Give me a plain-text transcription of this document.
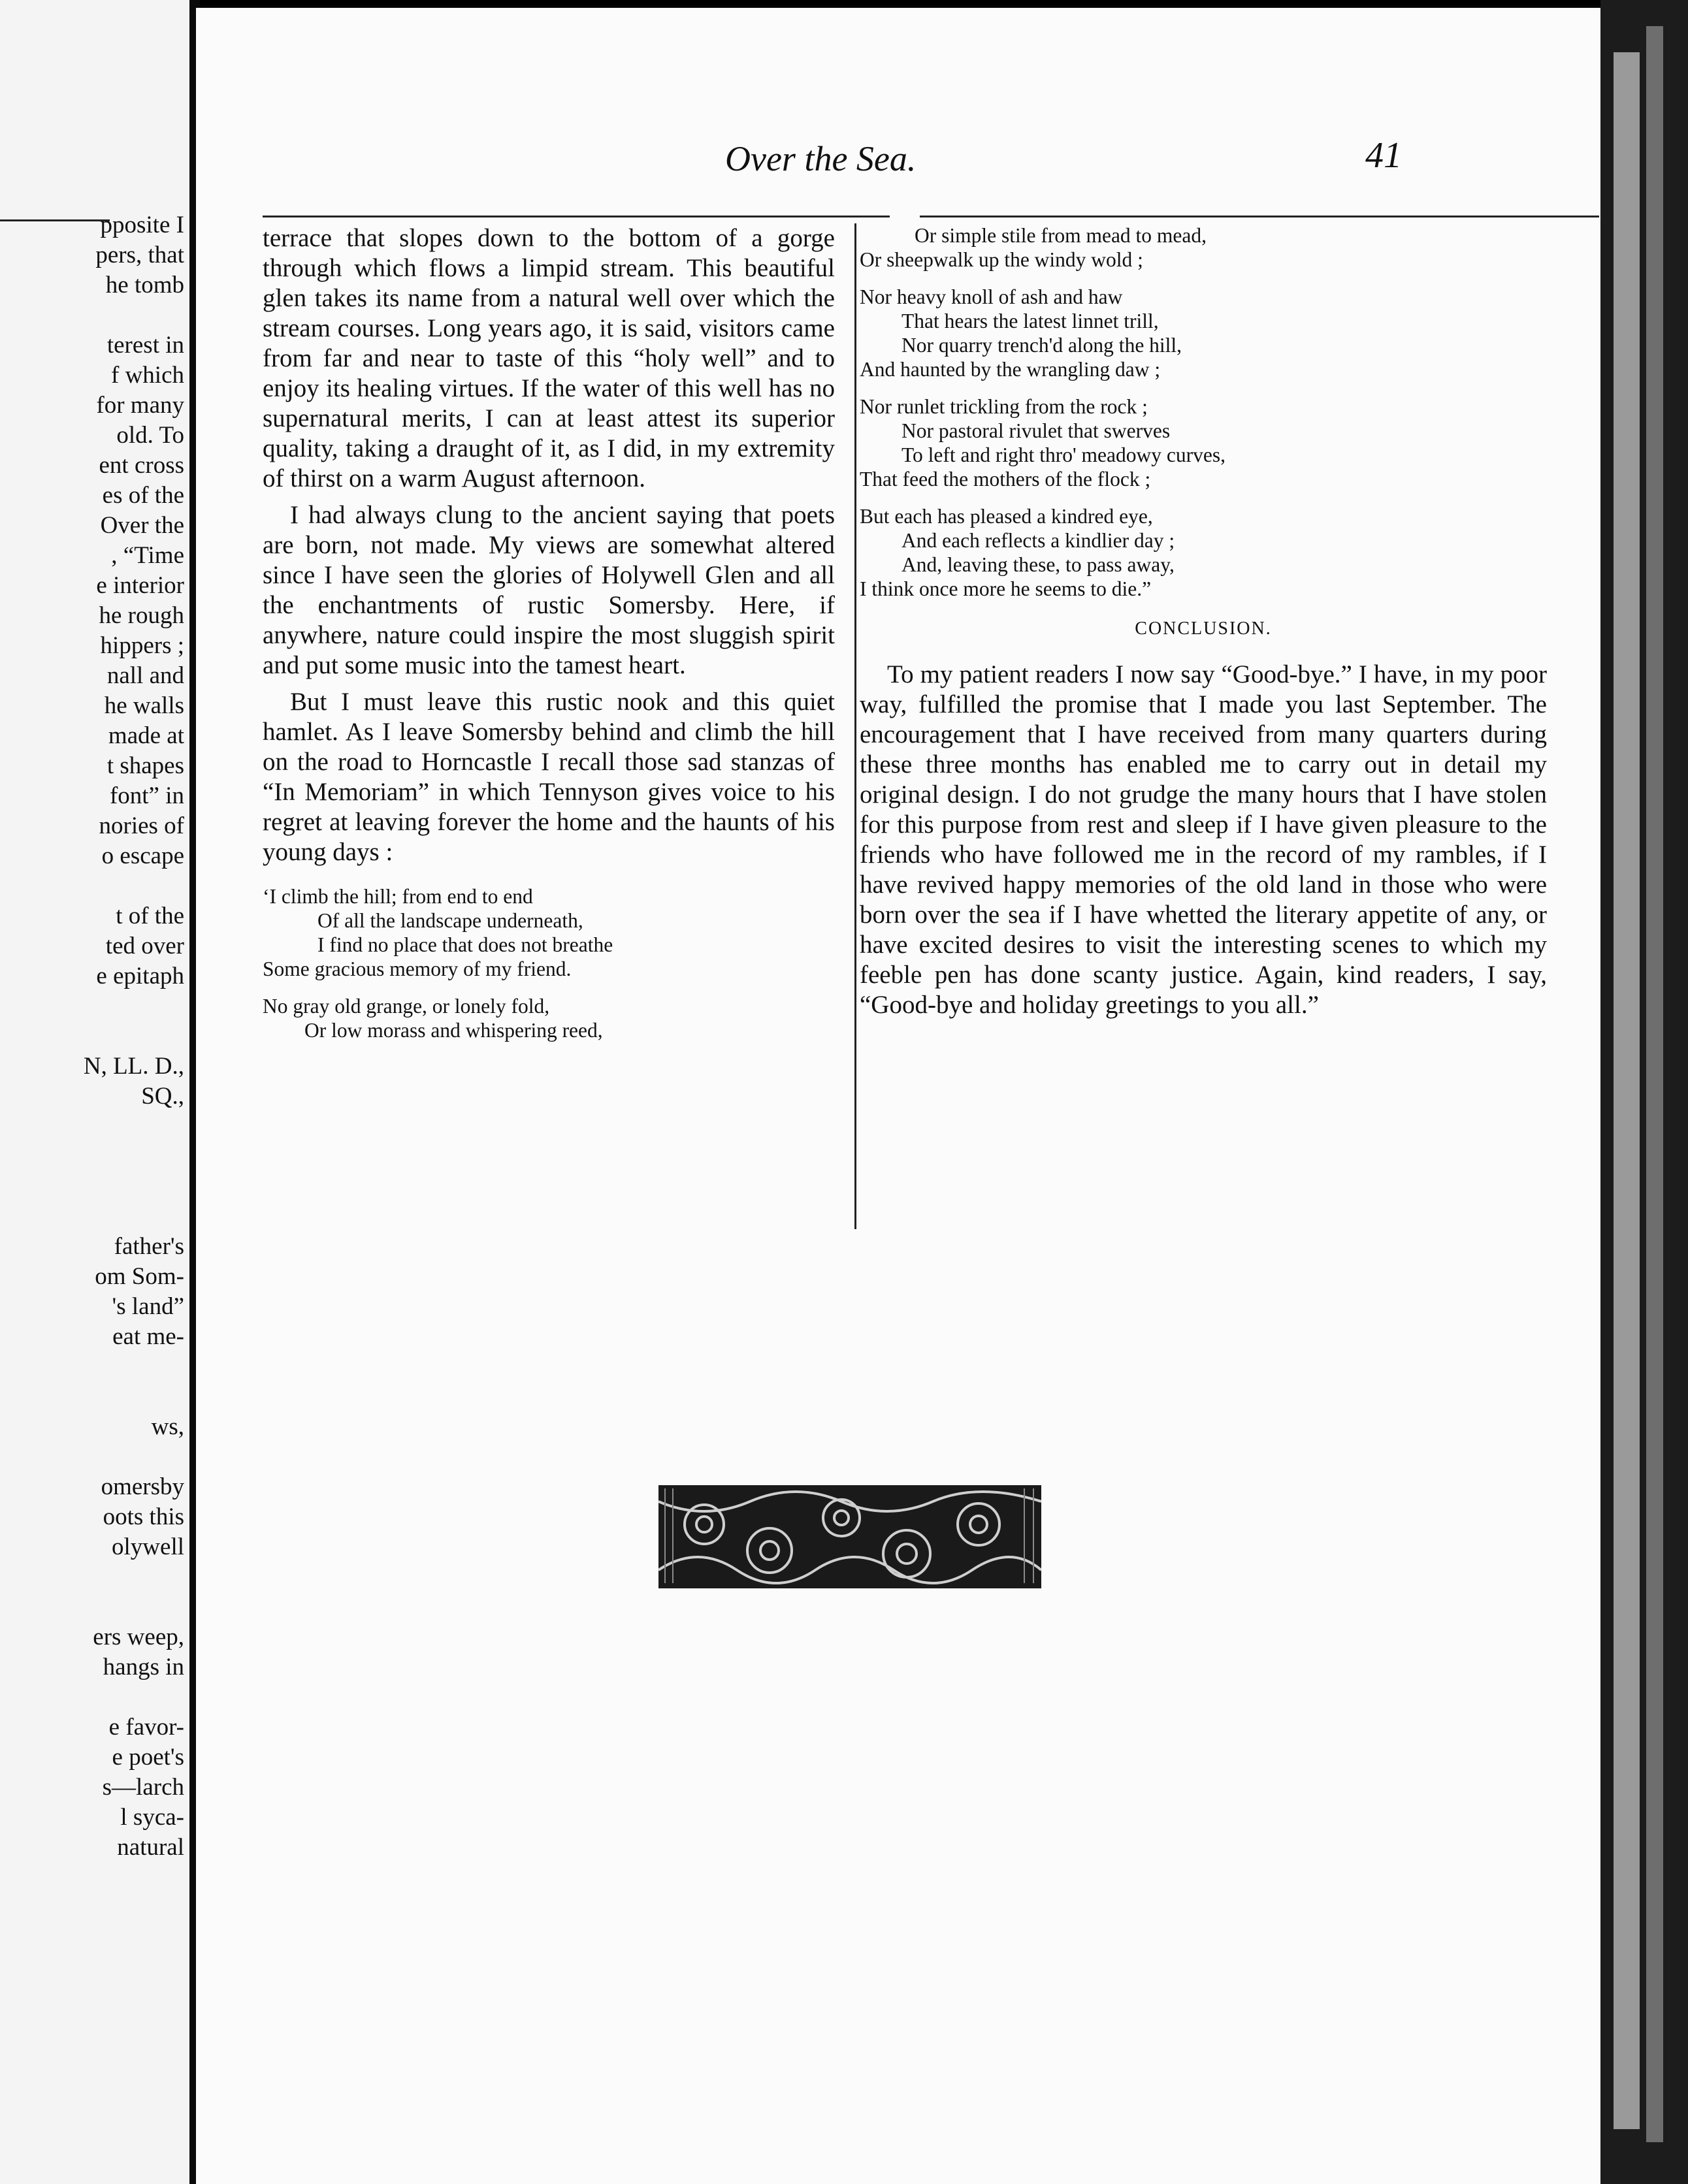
pposite I
pers, that
he tomb
terest in
f which
for many
old. To
ent cross
es of the
Over the
, “Time
e interior
he rough
hippers ;
nall and
he walls
made at
t shapes
font” in
nories of
o escape
t of the
ted over
e epitaph
N, LL. D.,
SQ.,
father's
om Som-
's land”
eat me-
ws,
omersby
oots this
olywell
ers weep,
hangs in
e favor-
e poet's
s—larch
l syca-
natural
Over the Sea.	41

terrace that slopes down to the bottom of a gorge through which flows a limpid stream. This beautiful glen takes its name from a natural well over which the stream courses. Long years ago, it is said, visitors came from far and near to taste of this “holy well” and to enjoy its healing virtues. If the water of this well has no supernatural merits, I can at least attest its superior quality, taking a draught of it, as I did, in my extremity of thirst on a warm August afternoon.

I had always clung to the ancient saying that poets are born, not made. My views are somewhat altered since I have seen the glories of Holywell Glen and all the enchantments of rustic Somersby. Here, if anywhere, nature could inspire the most sluggish spirit and put some music into the tamest heart.

But I must leave this rustic nook and this quiet hamlet. As I leave Somersby behind and climb the hill on the road to Horncastle I recall those sad stanzas of “In Memoriam” in which Tennyson gives voice to his regret at leaving forever the home and the haunts of his young days :

‘I climb the hill; from end to end
Of all the landscape underneath,
I find no place that does not breathe
Some gracious memory of my friend.
No gray old grange, or lonely fold,
Or low morass and whispering reed,
Or simple stile from mead to mead,
Or sheepwalk up the windy wold ;
Nor heavy knoll of ash and haw
That hears the latest linnet trill,
Nor quarry trench'd along the hill,
And haunted by the wrangling daw ;
Nor runlet trickling from the rock ;
Nor pastoral rivulet that swerves
To left and right thro' meadowy curves,
That feed the mothers of the flock ;
But each has pleased a kindred eye,
And each reflects a kindlier day ;
And, leaving these, to pass away,
I think once more he seems to die.”
CONCLUSION.

To my patient readers I now say “Good-bye.” I have, in my poor way, fulfilled the promise that I made you last September. The encouragement that I have received from many quarters during these three months has enabled me to carry out in detail my original design. I do not grudge the many hours that I have stolen for this purpose from rest and sleep if I have given pleasure to the friends who have followed me in the record of my rambles, if I have revived happy memories of the old land in those who were born over the sea if I have whetted the literary appetite of any, or have excited desires to visit the interesting scenes to which my feeble pen has done scanty justice. Again, kind readers, I say, “Good-bye and holiday greetings to you all.”
